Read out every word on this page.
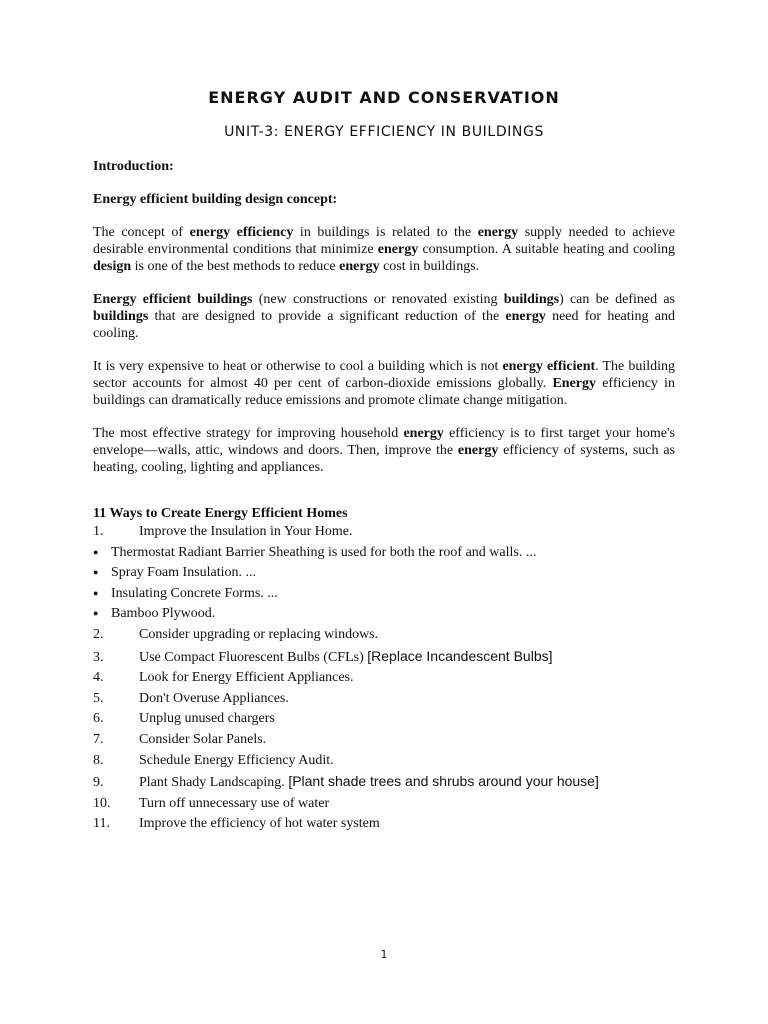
ENERGY AUDIT AND CONSERVATION
UNIT-3: ENERGY EFFICIENCY IN BUILDINGS

Introduction:

Energy efficient building design concept:

The concept of energy efficiency in buildings is related to the energy supply needed to achieve desirable environmental conditions that minimize energy consumption. A suitable heating and cooling design is one of the best methods to reduce energy cost in buildings.

Energy efficient buildings (new constructions or renovated existing buildings) can be defined as buildings that are designed to provide a significant reduction of the energy need for heating and cooling.

It is very expensive to heat or otherwise to cool a building which is not energy efficient. The building sector accounts for almost 40 per cent of carbon-dioxide emissions globally. Energy efficiency in buildings can dramatically reduce emissions and promote climate change mitigation.

The most effective strategy for improving household energy efficiency is to first target your home's envelope—walls, attic, windows and doors. Then, improve the energy efficiency of systems, such as heating, cooling, lighting and appliances.

11 Ways to Create Energy Efficient Homes

1.	Improve the Insulation in Your Home.
● Thermostat Radiant Barrier Sheathing is used for both the roof and walls. ...
● Spray Foam Insulation. ...
● Insulating Concrete Forms. ...
● Bamboo Plywood.
2.	Consider upgrading or replacing windows.
3.	Use Compact Fluorescent Bulbs (CFLs) [Replace Incandescent Bulbs]
4.	Look for Energy Efficient Appliances.
5.	Don't Overuse Appliances.
6.	Unplug unused chargers
7.	Consider Solar Panels.
8.	Schedule Energy Efficiency Audit.
9.	Plant Shady Landscaping. [Plant shade trees and shrubs around your house]
10. Turn off unnecessary use of water
11. Improve the efficiency of hot water system
1
